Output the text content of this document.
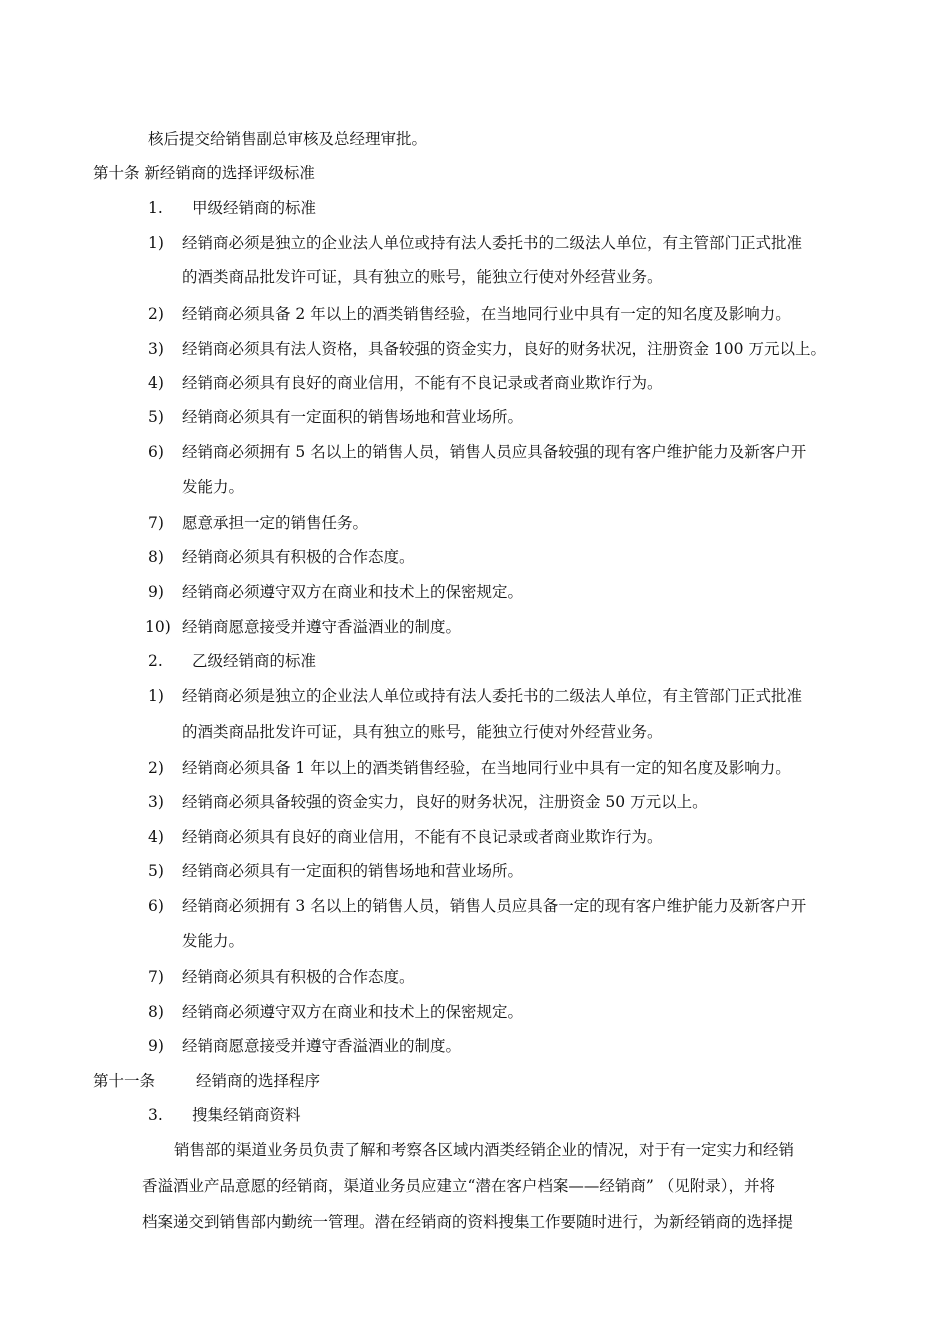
核后提交给销售副总审核及总经理审批。
第十条 新经销商的选择评级标准
1. 甲级经销商的标准
1) 经销商必须是独立的企业法人单位或持有法人委托书的二级法人单位，有主管部门正式批准
的酒类商品批发许可证，具有独立的账号，能独立行使对外经营业务。
2) 经销商必须具备 2 年以上的酒类销售经验，在当地同行业中具有一定的知名度及影响力。
3) 经销商必须具有法人资格，具备较强的资金实力，良好的财务状况，注册资金 100 万元以上。
4) 经销商必须具有良好的商业信用，不能有不良记录或者商业欺诈行为。
5) 经销商必须具有一定面积的销售场地和营业场所。
6) 经销商必须拥有 5 名以上的销售人员，销售人员应具备较强的现有客户维护能力及新客户开
发能力。
7) 愿意承担一定的销售任务。
8) 经销商必须具有积极的合作态度。
9) 经销商必须遵守双方在商业和技术上的保密规定。
10) 经销商愿意接受并遵守香溢酒业的制度。
2. 乙级经销商的标准
1) 经销商必须是独立的企业法人单位或持有法人委托书的二级法人单位，有主管部门正式批准
的酒类商品批发许可证，具有独立的账号，能独立行使对外经营业务。
2) 经销商必须具备 1 年以上的酒类销售经验，在当地同行业中具有一定的知名度及影响力。
3) 经销商必须具备较强的资金实力，良好的财务状况，注册资金 50 万元以上。
4) 经销商必须具有良好的商业信用，不能有不良记录或者商业欺诈行为。
5) 经销商必须具有一定面积的销售场地和营业场所。
6) 经销商必须拥有 3 名以上的销售人员，销售人员应具备一定的现有客户维护能力及新客户开
发能力。
7) 经销商必须具有积极的合作态度。
8) 经销商必须遵守双方在商业和技术上的保密规定。
9) 经销商愿意接受并遵守香溢酒业的制度。
第十一条	经销商的选择程序
3. 搜集经销商资料
销售部的渠道业务员负责了解和考察各区域内酒类经销企业的情况，对于有一定实力和经销
香溢酒业产品意愿的经销商，渠道业务员应建立“潜在客户档案——经销商” （见附录），并将
档案递交到销售部内勤统一管理。潜在经销商的资料搜集工作要随时进行，为新经销商的选择提
